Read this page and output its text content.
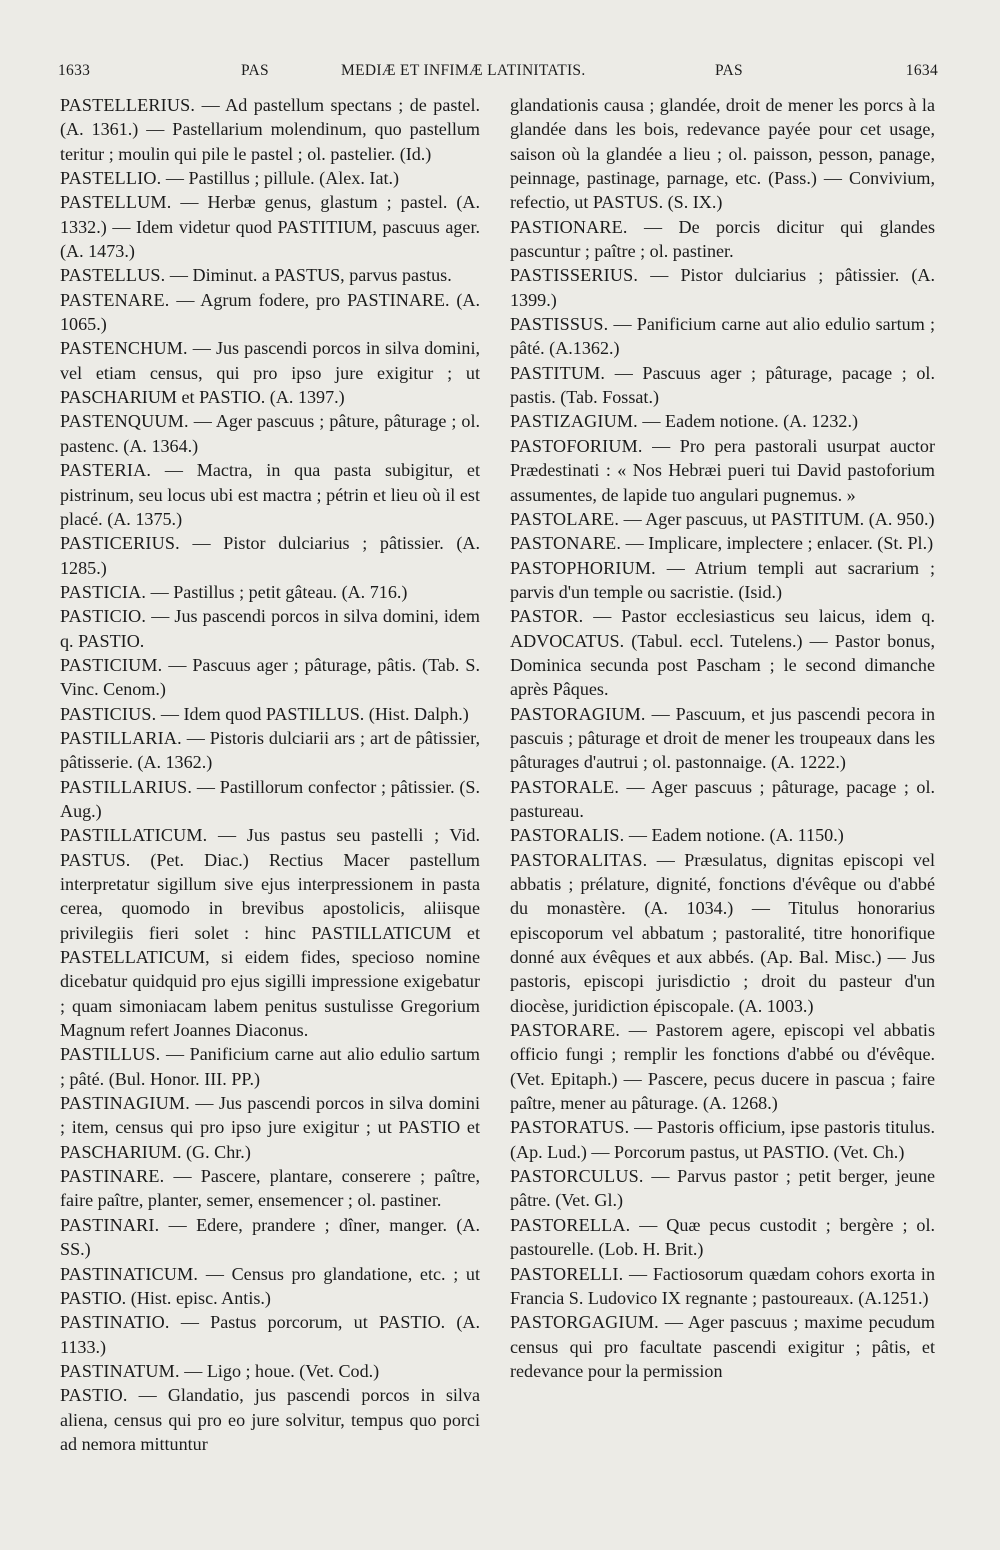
1633	PAS	MEDIÆ ET INFIMÆ LATINITATIS.	PAS	1634

PASTELLERIUS. — Ad pastellum spectans ; de pastel. (A. 1361.) — Pastellarium molendinum, quo pastellum teritur ; moulin qui pile le pastel ; ol. pastelier. (Id.)

PASTELLIO. — Pastillus ; pillule. (Alex. Iat.)

PASTELLUM. — Herbæ genus, glastum ; pastel. (A. 1332.) — Idem videtur quod PASTITIUM, pascuus ager. (A. 1473.)

PASTELLUS. — Diminut. a PASTUS, parvus pastus.

PASTENARE. — Agrum fodere, pro PASTINARE. (A. 1065.)

PASTENCHUM. — Jus pascendi porcos in silva domini, vel etiam census, qui pro ipso jure exigitur ; ut PASCHARIUM et PASTIO. (A. 1397.)

PASTENQUUM. — Ager pascuus ; pâture, pâturage ; ol. pastenc. (A. 1364.)

PASTERIA. — Mactra, in qua pasta subigitur, et pistrinum, seu locus ubi est mactra ; pétrin et lieu où il est placé. (A. 1375.)

PASTICERIUS. — Pistor dulciarius ; pâtissier. (A. 1285.)

PASTICIA. — Pastillus ; petit gâteau. (A. 716.)

PASTICIO. — Jus pascendi porcos in silva domini, idem q. PASTIO.

PASTICIUM. — Pascuus ager ; pâturage, pâtis. (Tab. S. Vinc. Cenom.)

PASTICIUS. — Idem quod PASTILLUS. (Hist. Dalph.)

PASTILLARIA. — Pistoris dulciarii ars ; art de pâtissier, pâtisserie. (A. 1362.)

PASTILLARIUS. — Pastillorum confector ; pâtissier. (S. Aug.)

PASTILLATICUM. — Jus pastus seu pastelli ; Vid. PASTUS. (Pet. Diac.) Rectius Macer pastellum interpretatur sigillum sive ejus interpressionem in pasta cerea, quomodo in brevibus apostolicis, aliisque privilegiis fieri solet : hinc PASTILLATICUM et PASTELLATICUM, si eidem fides, specioso nomine dicebatur quidquid pro ejus sigilli impressione exigebatur ; quam simoniacam labem penitus sustulisse Gregorium Magnum refert Joannes Diaconus.

PASTILLUS. — Panificium carne aut alio edulio sartum ; pâté. (Bul. Honor. III. PP.)

PASTINAGIUM. — Jus pascendi porcos in silva domini ; item, census qui pro ipso jure exigitur ; ut PASTIO et PASCHARIUM. (G. Chr.)

PASTINARE. — Pascere, plantare, conserere ; paître, faire paître, planter, semer, ensemencer ; ol. pastiner.

PASTINARI. — Edere, prandere ; dîner, manger. (A. SS.)

PASTINATICUM. — Census pro glandatione, etc. ; ut PASTIO. (Hist. episc. Antis.)

PASTINATIO. — Pastus porcorum, ut PASTIO. (A. 1133.)

PASTINATUM. — Ligo ; houe. (Vet. Cod.)

PASTIO. — Glandatio, jus pascendi porcos in silva aliena, census qui pro eo jure solvitur, tempus quo porci ad nemora mittuntur

glandationis causa ; glandée, droit de mener les porcs à la glandée dans les bois, redevance payée pour cet usage, saison où la glandée a lieu ; ol. paisson, pesson, panage, peinnage, pastinage, parnage, etc. (Pass.) — Convivium, refectio, ut PASTUS. (S. IX.)

PASTIONARE. — De porcis dicitur qui glandes pascuntur ; paître ; ol. pastiner.

PASTISSERIUS. — Pistor dulciarius ; pâtissier. (A. 1399.)

PASTISSUS. — Panificium carne aut alio edulio sartum ; pâté. (A.1362.)

PASTITUM. — Pascuus ager ; pâturage, pacage ; ol. pastis. (Tab. Fossat.)

PASTIZAGIUM. — Eadem notione. (A. 1232.)

PASTOFORIUM. — Pro pera pastorali usurpat auctor Prædestinati : « Nos Hebræi pueri tui David pastoforium assumentes, de lapide tuo angulari pugnemus. »

PASTOLARE. — Ager pascuus, ut PASTITUM. (A. 950.)

PASTONARE. — Implicare, implectere ; enlacer. (St. Pl.)

PASTOPHORIUM. — Atrium templi aut sacrarium ; parvis d'un temple ou sacristie. (Isid.)

PASTOR. — Pastor ecclesiasticus seu laicus, idem q. ADVOCATUS. (Tabul. eccl. Tutelens.) — Pastor bonus, Dominica secunda post Pascham ; le second dimanche après Pâques.

PASTORAGIUM. — Pascuum, et jus pascendi pecora in pascuis ; pâturage et droit de mener les troupeaux dans les pâturages d'autrui ; ol. pastonnaige. (A. 1222.)

PASTORALE. — Ager pascuus ; pâturage, pacage ; ol. pastureau.

PASTORALIS. — Eadem notione. (A. 1150.)

PASTORALITAS. — Præsulatus, dignitas episcopi vel abbatis ; prélature, dignité, fonctions d'évêque ou d'abbé du monastère. (A. 1034.) — Titulus honorarius episcoporum vel abbatum ; pastoralité, titre honorifique donné aux évêques et aux abbés. (Ap. Bal. Misc.) — Jus pastoris, episcopi jurisdictio ; droit du pasteur d'un diocèse, juridiction épiscopale. (A. 1003.)

PASTORARE. — Pastorem agere, episcopi vel abbatis officio fungi ; remplir les fonctions d'abbé ou d'évêque. (Vet. Epitaph.) — Pascere, pecus ducere in pascua ; faire paître, mener au pâturage. (A. 1268.)

PASTORATUS. — Pastoris officium, ipse pastoris titulus. (Ap. Lud.) — Porcorum pastus, ut PASTIO. (Vet. Ch.)

PASTORCULUS. — Parvus pastor ; petit berger, jeune pâtre. (Vet. Gl.)

PASTORELLA. — Quæ pecus custodit ; bergère ; ol. pastourelle. (Lob. H. Brit.)

PASTORELLI. — Factiosorum quædam cohors exorta in Francia S. Ludovico IX regnante ; pastoureaux. (A.1251.)

PASTORGAGIUM. — Ager pascuus ; maxime pecudum census qui pro facultate pascendi exigitur ; pâtis, et redevance pour la permission
